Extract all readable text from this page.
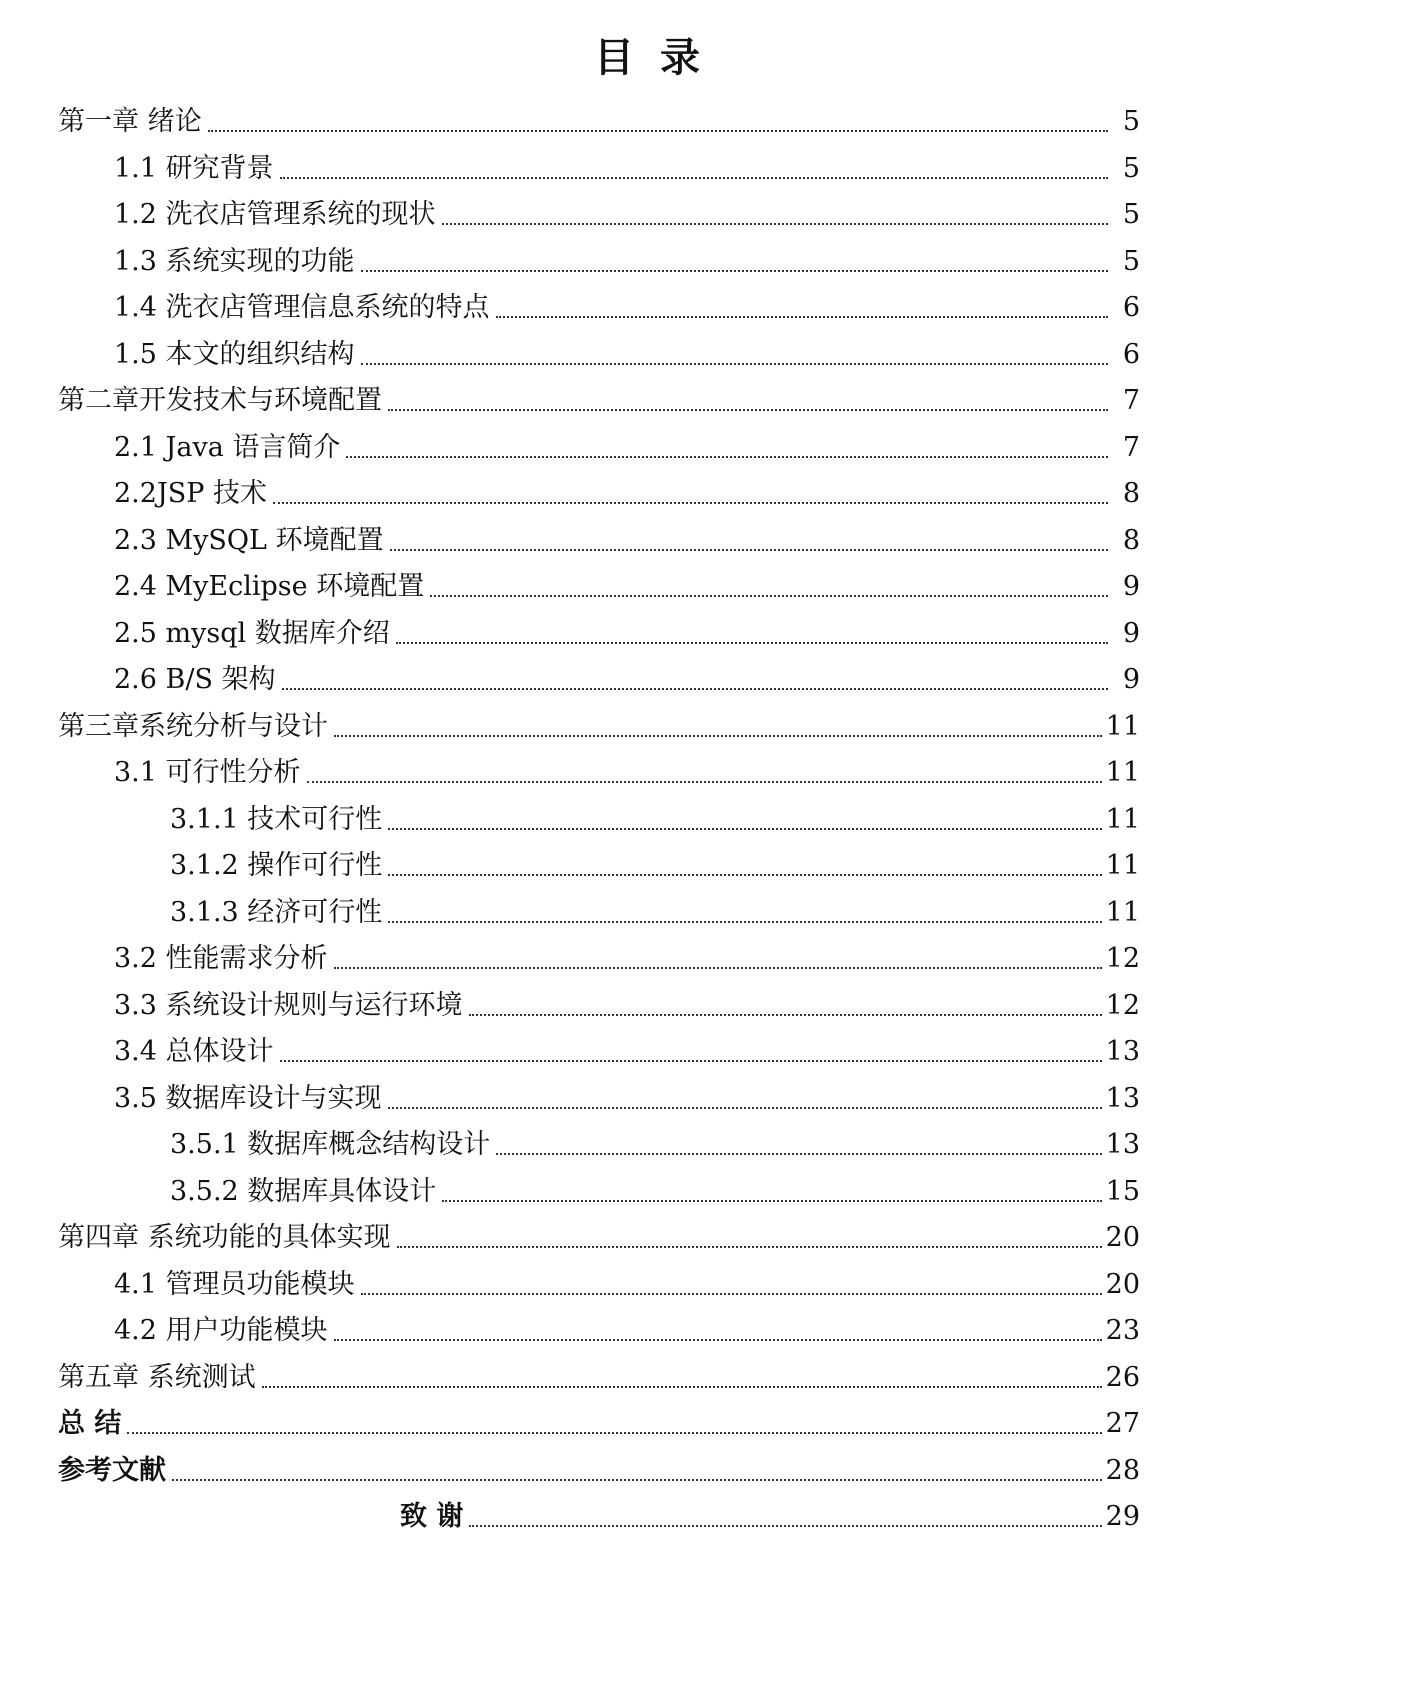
目 录
第一章 绪论	5
1.1 研究背景	5
1.2 洗衣店管理系统的现状	5
1.3 系统实现的功能	5
1.4 洗衣店管理信息系统的特点	6
1.5 本文的组织结构	6
第二章开发技术与环境配置	7
2.1 Java 语言简介	7
2.2JSP 技术	8
2.3 MySQL 环境配置	8
2.4 MyEclipse 环境配置	9
2.5 mysql 数据库介绍	9
2.6 B/S 架构	9
第三章系统分析与设计	11
3.1 可行性分析	11
3.1.1 技术可行性	11
3.1.2 操作可行性	11
3.1.3 经济可行性	11
3.2 性能需求分析	12
3.3 系统设计规则与运行环境	12
3.4 总体设计	13
3.5 数据库设计与实现	13
3.5.1 数据库概念结构设计	13
3.5.2 数据库具体设计	15
第四章 系统功能的具体实现	20
4.1 管理员功能模块	20
4.2 用户功能模块	23
第五章 系统测试	26
总 结	27
参考文献	28
致 谢	29
